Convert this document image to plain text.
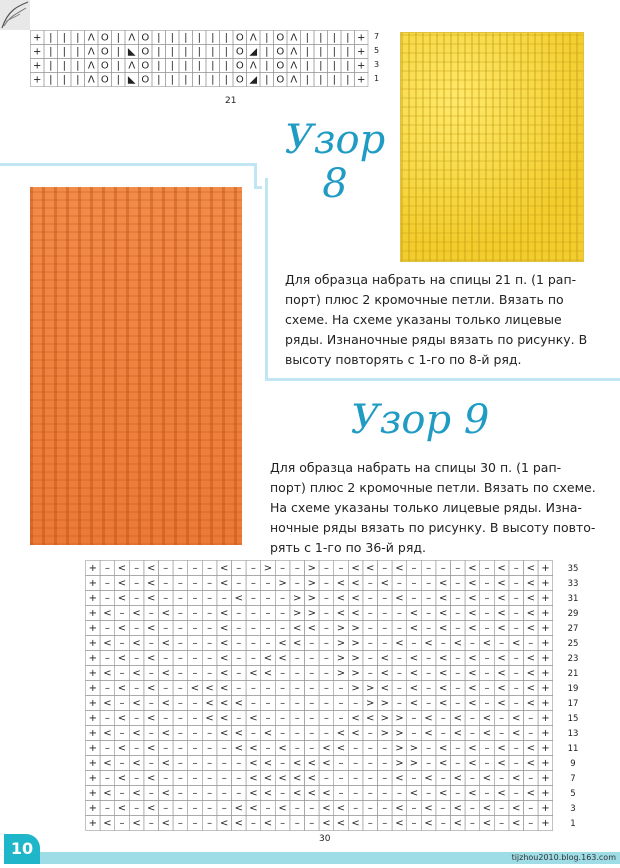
+ | | | Λ O | Λ O | | | | | | O Λ | O Λ | | | | +
+ | | | Λ O | ◣ O | | | | | | O ◢ | O Λ | | | | +
+ | | | Λ O | Λ O | | | | | | O Λ | O Λ | | | | +
+ | | | Λ O | ◣ O | | | | | | O ◢ | O Λ | | | | +
7
5
3
1
21
Узор
8
Для образца набрать на спицы 21 п. (1 рап-
порт) плюс 2 кромочные петли. Вязать по
схеме. На схеме указаны только лицевые
ряды. Изнаночные ряды вязать по рисунку. В
высоту повторять с 1-го по 8-й ряд.
Узор 9
Для образца набрать на спицы 30 п. (1 рап-
порт) плюс 2 кромочные петли. Вязать по схеме.
На схеме указаны только лицевые ряды. Изна-
ночные ряды вязать по рисунку. В высоту повто-
рять с 1-го по 36-й ряд.
+ – < – < – – – – < – – > – – > – – < < – < – – – – < – < – < +
+ – < – < – – – – < – – – > – > – < < – < – – – < – < – < – < +
+ – < – < – – – – – < – – – > > – < < – – < – – < – < – < – < +
+ < – < – < – – – < – – – – > > – < < – – – < – < – < – < – < +
+ – < – < – – – – < – – – – < < – > > – – – < – < – < – < – < +
+ < – < – < – – – < – – – < < – – > > – – < – < – < – < – < – +
+ – < – < – – – – < – – < < – – – > > – < – < – < – < – < – < +
+ < – < – < – – – < – < < – – – – > > – < – < – < – < – < – < +
+ – < – < – – < < < – – – – – – – – > > < – < – < – < – < – < +
+ < – < – < – – < < < – – – – – – – – > > – < – < – < – < – < +
+ – < – < – – – < < – < – – – – – – < < > > – < – < – < – < – +
+ < – < – < – – – < < – < – – – – < < – > > – < – < – < – < – +
+ – < – < – – – – – < < – < – – < < – – – > > – < – < – < – < +
+ < – < – < – – – – – < < – < < < – – – – > > – < – < – < – < +
+ – < – < – – – – – – < < < < < – – – – – < – < – < – < – < – +
+ < – < – < – – – – – < < – < < < – – – – – < – < – < – < – < +
+ – < – < – – – – – < < – < – – < < – – – < – < – < – < – < – +
+ < – < – < – – – < < – < – – – < < < – – < – < – < – < – < – +
35
33
31
29
27
25
23
21
19
17
15
13
11
9
7
5
3
1
30
10	tijzhou2010.blog.163.com
